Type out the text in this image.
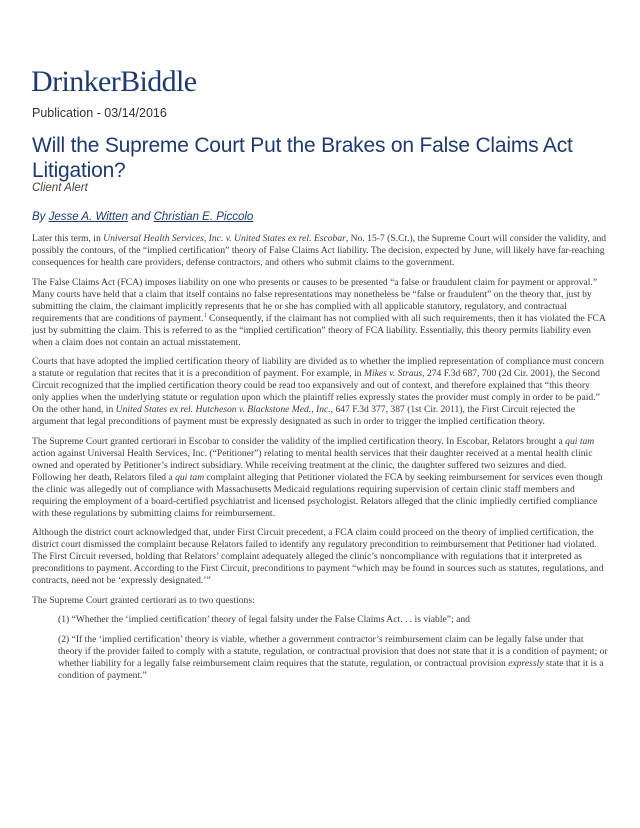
DrinkerBiddle
Publication - 03/14/2016
Will the Supreme Court Put the Brakes on False Claims Act Litigation?
Client Alert
By Jesse A. Witten and Christian E. Piccolo

Later this term, in Universal Health Services, Inc. v. United States ex rel. Escobar, No. 15-7 (S.Ct.), the Supreme Court will consider the validity, and possibly the contours, of the “implied certification” theory of False Claims Act liability. The decision, expected by June, will likely have far-reaching consequences for health care providers, defense contractors, and others who submit claims to the government.

The False Claims Act (FCA) imposes liability on one who presents or causes to be presented “a false or fraudulent claim for payment or approval.” Many courts have held that a claim that itself contains no false representations may nonetheless be “false or fraudulent” on the theory that, just by submitting the claim, the claimant implicitly represents that he or she has complied with all applicable statutory, regulatory, and contractual requirements that are conditions of payment.$^1$ Consequently, if the claimant has not complied with all such requirements, then it has violated the FCA just by submitting the claim. This is referred to as the “implied certification” theory of FCA liability. Essentially, this theory permits liability even when a claim does not contain an actual misstatement.

Courts that have adopted the implied certification theory of liability are divided as to whether the implied representation of compliance must concern a statute or regulation that recites that it is a precondition of payment. For example, in Mikes v. Straus, 274 F.3d 687, 700 (2d Cir. 2001), the Second Circuit recognized that the implied certification theory could be read too expansively and out of context, and therefore explained that “this theory only applies when the underlying statute or regulation upon which the plaintiff relies expressly states the provider must comply in order to be paid.” On the other hand, in United States ex rel. Hutcheson v. Blackstone Med., Inc., 647 F.3d 377, 387 (1st Cir. 2011), the First Circuit rejected the argument that legal preconditions of payment must be expressly designated as such in order to trigger the implied certification theory.

The Supreme Court granted certiorari in Escobar to consider the validity of the implied certification theory. In Escobar, Relators brought a qui tam action against Universal Health Services, Inc. (“Petitioner”) relating to mental health services that their daughter received at a mental health clinic owned and operated by Petitioner’s indirect subsidiary. While receiving treatment at the clinic, the daughter suffered two seizures and died. Following her death, Relators filed a qui tam complaint alleging that Petitioner violated the FCA by seeking reimbursement for services even though the clinic was allegedly out of compliance with Massachusetts Medicaid regulations requiring supervision of certain clinic staff members and requiring the employment of a board-certified psychiatrist and licensed psychologist. Relators alleged that the clinic impliedly certified compliance with these regulations by submitting claims for reimbursement.

Although the district court acknowledged that, under First Circuit precedent, a FCA claim could proceed on the theory of implied certification, the district court dismissed the complaint because Relators failed to identify any regulatory precondition to reimbursement that Petitioner had violated. The First Circuit reversed, holding that Relators’ complaint adequately alleged the clinic’s noncompliance with regulations that it interpreted as preconditions to payment. According to the First Circuit, preconditions to payment “which may be found in sources such as statutes, regulations, and contracts, need not be ‘expressly designated.’”

The Supreme Court granted certiorari as to two questions:

(1) “Whether the ‘implied certification’ theory of legal falsity under the False Claims Act. . . is viable”; and

(2) “If the ‘implied certification’ theory is viable, whether a government contractor’s reimbursement claim can be legally false under that theory if the provider failed to comply with a statute, regulation, or contractual provision that does not state that it is a condition of payment; or whether liability for a legally false reimbursement claim requires that the statute, regulation, or contractual provision expressly state that it is a condition of payment.”
